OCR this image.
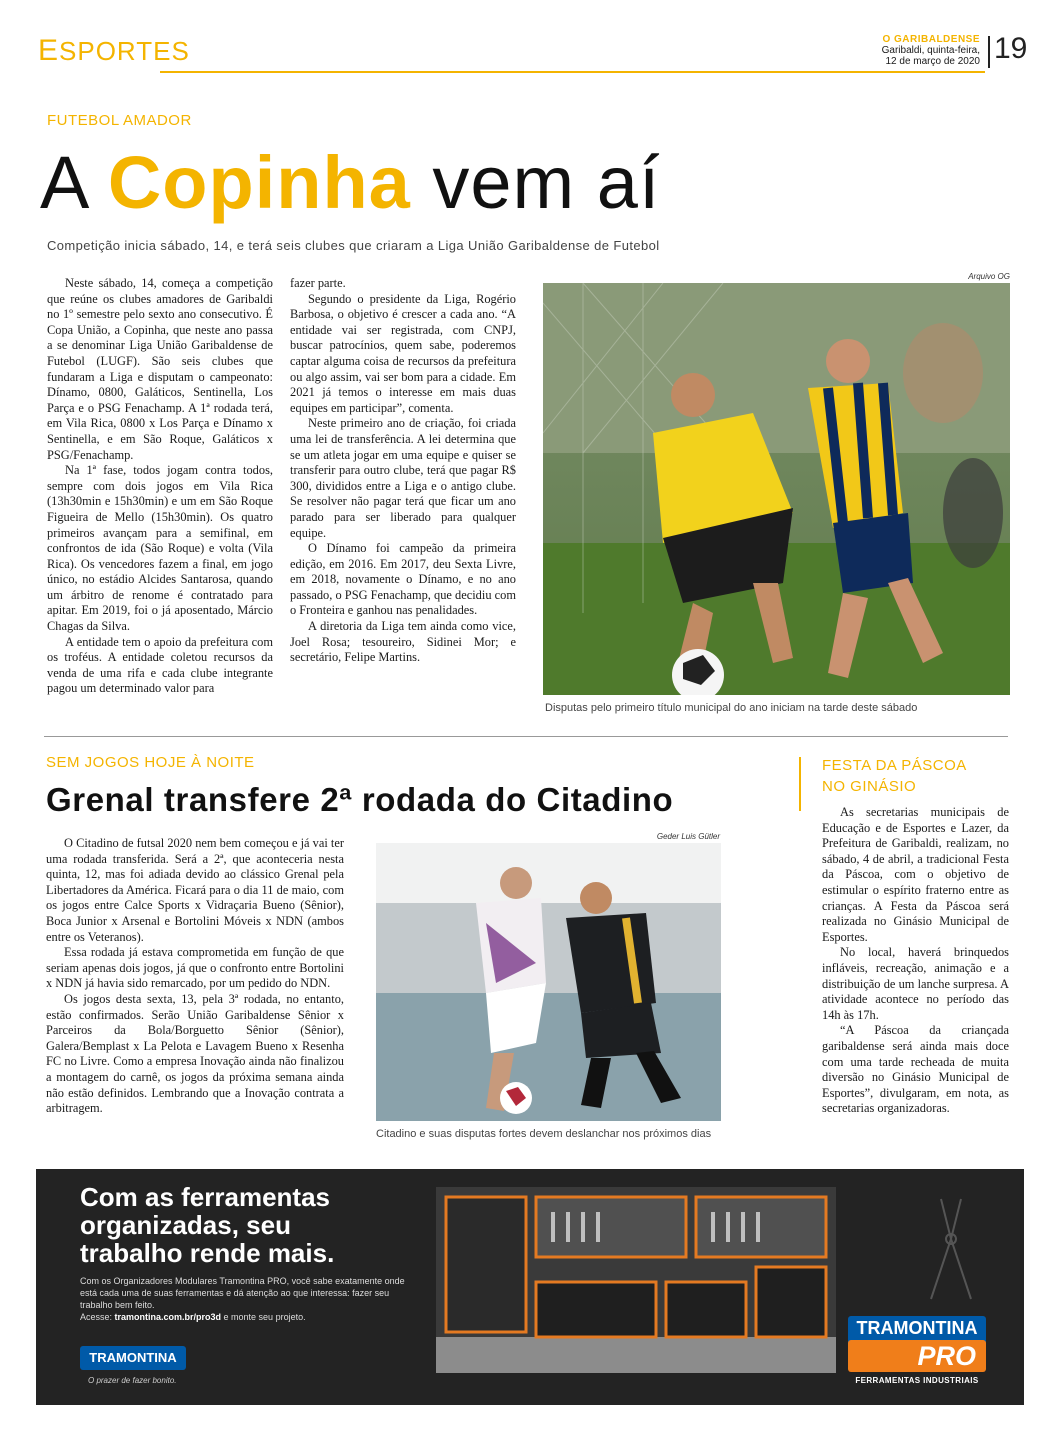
ESPORTES	O GARIBALDENSE
Garibaldi, quinta-feira,
12 de março de 2020 19
FUTEBOL AMADOR
A Copinha vem aí
Competição inicia sábado, 14, e terá seis clubes que criaram a Liga União Garibaldense de Futebol

Neste sábado, 14, começa a competição que reúne os clubes amadores de Garibaldi no 1º semestre pelo sexto ano consecutivo. É Copa União, a Copinha, que neste ano passa a se denominar Liga União Garibaldense de Futebol (LUGF). São seis clubes que fundaram a Liga e disputam o campeonato: Dínamo, 0800, Galáticos, Sentinella, Los Parça e o PSG Fenachamp. A 1ª rodada terá, em Vila Rica, 0800 x Los Parça e Dínamo x Sentinella, e em São Roque, Galáticos x PSG/Fenachamp.

Na 1ª fase, todos jogam contra todos, sempre com dois jogos em Vila Rica (13h30min e 15h30min) e um em São Roque Figueira de Mello (15h30min). Os quatro primeiros avançam para a semifinal, em confrontos de ida (São Roque) e volta (Vila Rica). Os vencedores fazem a final, em jogo único, no estádio Alcides Santarosa, quando um árbitro de renome é contratado para apitar. Em 2019, foi o já aposentado, Márcio Chagas da Silva.

A entidade tem o apoio da prefeitura com os troféus. A entidade coletou recursos da venda de uma rifa e cada clube integrante pagou um determinado valor para

fazer parte.

Segundo o presidente da Liga, Rogério Barbosa, o objetivo é crescer a cada ano. “A entidade vai ser registrada, com CNPJ, buscar patrocínios, quem sabe, poderemos captar alguma coisa de recursos da prefeitura ou algo assim, vai ser bom para a cidade. Em 2021 já temos o interesse em mais duas equipes em participar”, comenta.

Neste primeiro ano de criação, foi criada uma lei de transferência. A lei determina que se um atleta jogar em uma equipe e quiser se transferir para outro clube, terá que pagar R$ 300, divididos entre a Liga e o antigo clube. Se resolver não pagar terá que ficar um ano parado para ser liberado para qualquer equipe.

O Dínamo foi campeão da primeira edição, em 2016. Em 2017, deu Sexta Livre, em 2018, novamente o Dínamo, e no ano passado, o PSG Fenachamp, que decidiu com o Fronteira e ganhou nas penalidades.

A diretoria da Liga tem ainda como vice, Joel Rosa; tesoureiro, Sidinei Mor; e secretário, Felipe Martins.

Arquivo OG
Disputas pelo primeiro título municipal do ano iniciam na tarde deste sábado
SEM JOGOS HOJE À NOITE
Grenal transfere 2ª rodada do Citadino

O Citadino de futsal 2020 nem bem começou e já vai ter uma rodada transferida. Será a 2ª, que aconteceria nesta quinta, 12, mas foi adiada devido ao clássico Grenal pela Libertadores da América. Ficará para o dia 11 de maio, com os jogos entre Calce Sports x Vidraçaria Bueno (Sênior), Boca Junior x Arsenal e Bortolini Móveis x NDN (ambos entre os Veteranos).

Essa rodada já estava comprometida em função de que seriam apenas dois jogos, já que o confronto entre Bortolini x NDN já havia sido remarcado, por um pedido do NDN.

Os jogos desta sexta, 13, pela 3ª rodada, no entanto, estão confirmados. Serão União Garibaldense Sênior x Parceiros da Bola/Borguetto Sênior (Sênior), Galera/Bemplast x La Pelota e Lavagem Bueno x Resenha FC no Livre. Como a empresa Inovação ainda não finalizou a montagem do carnê, os jogos da próxima semana ainda não estão definidos. Lembrando que a Inovação contrata a arbitragem.

Geder Luis Gütler
Citadino e suas disputas fortes devem deslanchar nos próximos dias
FESTA DA PÁSCOA
NO GINÁSIO

As secretarias municipais de Educação e de Esportes e Lazer, da Prefeitura de Garibaldi, realizam, no sábado, 4 de abril, a tradicional Festa da Páscoa, com o objetivo de estimular o espírito fraterno entre as crianças. A Festa da Páscoa será realizada no Ginásio Municipal de Esportes.

No local, haverá brinquedos infláveis, recreação, animação e a distribuição de um lanche surpresa. A atividade acontece no período das 14h às 17h.

“A Páscoa da criançada garibaldense será ainda mais doce com uma tarde recheada de muita diversão no Ginásio Municipal de Esportes”, divulgaram, em nota, as secretarias organizadoras.

Com as ferramentas
organizadas, seu
trabalho rende mais.
Com os Organizadores Modulares Tramontina PRO, você sabe exatamente onde está cada uma de suas ferramentas e dá atenção ao que interessa: fazer seu trabalho bem feito.
Acesse: tramontina.com.br/pro3d e monte seu projeto.
TRAMONTINA
O prazer de fazer bonito.
TRAMONTINA
PRO
FERRAMENTAS INDUSTRIAIS
